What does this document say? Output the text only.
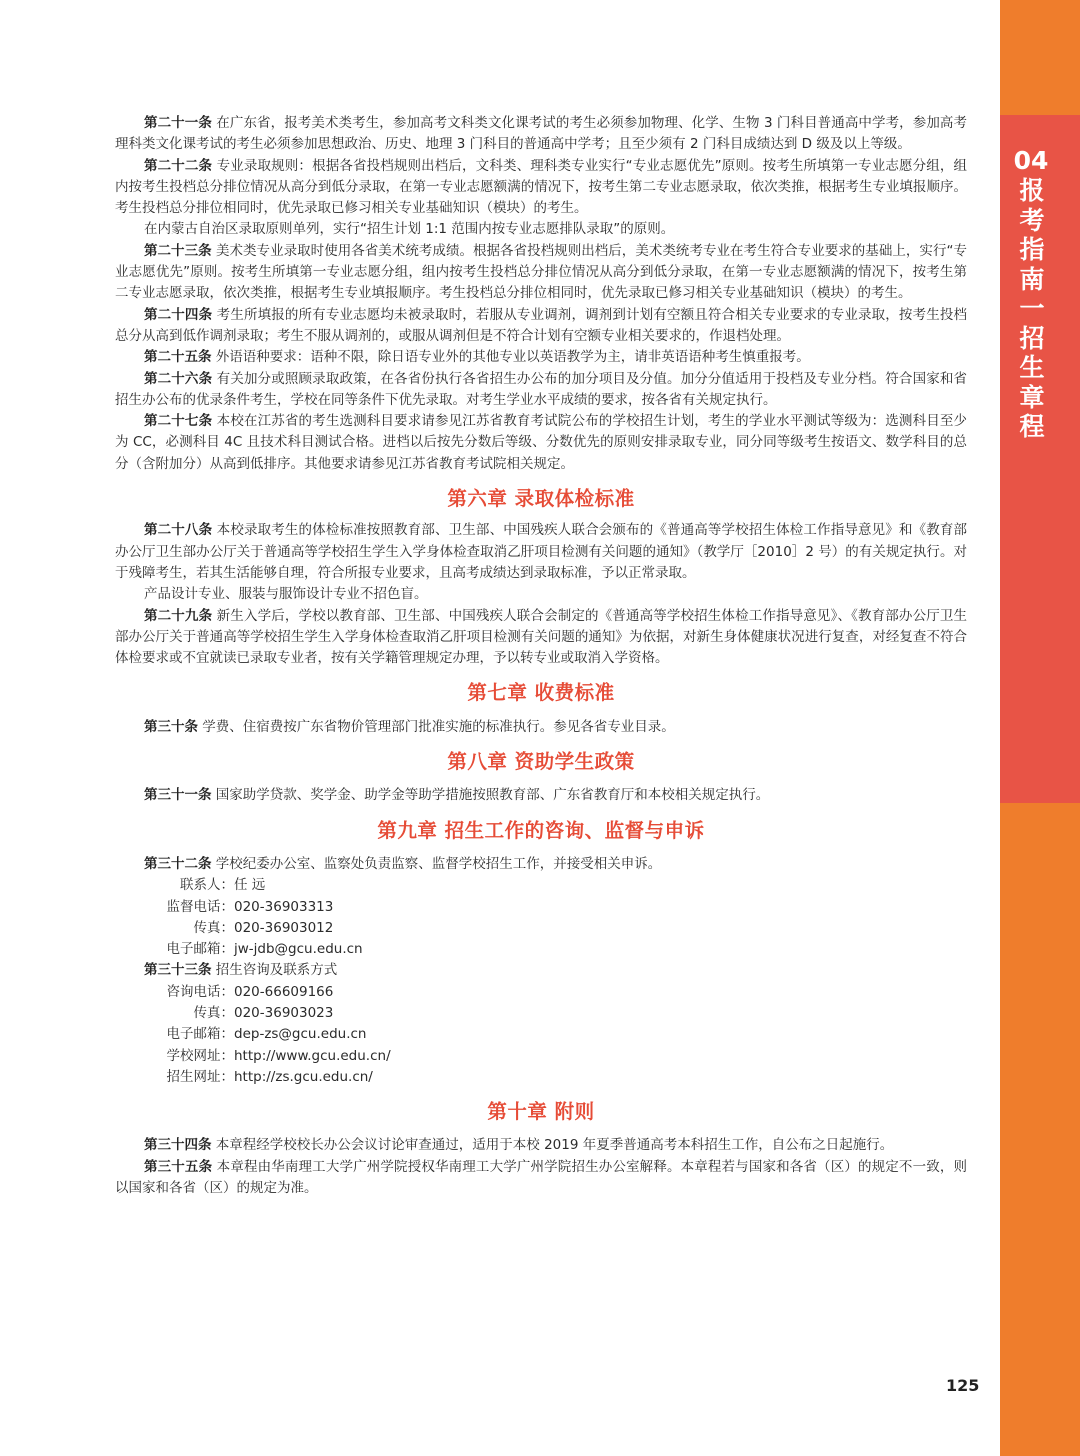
04
报考指南一招生章程

第二十一条 在广东省，报考美术类考生，参加高考文科类文化课考试的考生必须参加物理、化学、生物 3 门科目普通高中学考，参加高考理科类文化课考试的考生必须参加思想政治、历史、地理 3 门科目的普通高中学考；且至少须有 2 门科目成绩达到 D 级及以上等级。

第二十二条 专业录取规则：根据各省投档规则出档后，文科类、理科类专业实行“专业志愿优先”原则。按考生所填第一专业志愿分组，组内按考生投档总分排位情况从高分到低分录取，在第一专业志愿额满的情况下，按考生第二专业志愿录取，依次类推，根据考生专业填报顺序。考生投档总分排位相同时，优先录取已修习相关专业基础知识（模块）的考生。

在内蒙古自治区录取原则单列，实行“招生计划 1:1 范围内按专业志愿排队录取”的原则。

第二十三条 美术类专业录取时使用各省美术统考成绩。根据各省投档规则出档后，美术类统考专业在考生符合专业要求的基础上，实行“专业志愿优先”原则。按考生所填第一专业志愿分组，组内按考生投档总分排位情况从高分到低分录取，在第一专业志愿额满的情况下，按考生第二专业志愿录取，依次类推，根据考生专业填报顺序。考生投档总分排位相同时，优先录取已修习相关专业基础知识（模块）的考生。

第二十四条 考生所填报的所有专业志愿均未被录取时，若服从专业调剂，调剂到计划有空额且符合相关专业要求的专业录取，按考生投档总分从高到低作调剂录取；考生不服从调剂的，或服从调剂但是不符合计划有空额专业相关要求的，作退档处理。

第二十五条 外语语种要求：语种不限，除日语专业外的其他专业以英语教学为主，请非英语语种考生慎重报考。

第二十六条 有关加分或照顾录取政策，在各省份执行各省招生办公布的加分项目及分值。加分分值适用于投档及专业分档。符合国家和省招生办公布的优录条件考生，学校在同等条件下优先录取。对考生学业水平成绩的要求，按各省有关规定执行。

第二十七条 本校在江苏省的考生选测科目要求请参见江苏省教育考试院公布的学校招生计划，考生的学业水平测试等级为：选测科目至少为 CC，必测科目 4C 且技术科目测试合格。进档以后按先分数后等级、分数优先的原则安排录取专业，同分同等级考生按语文、数学科目的总分（含附加分）从高到低排序。其他要求请参见江苏省教育考试院相关规定。

第六章 录取体检标准

第二十八条 本校录取考生的体检标准按照教育部、卫生部、中国残疾人联合会颁布的《普通高等学校招生体检工作指导意见》和《教育部办公厅卫生部办公厅关于普通高等学校招生学生入学身体检查取消乙肝项目检测有关问题的通知》（教学厅［2010］2 号）的有关规定执行。对于残障考生，若其生活能够自理，符合所报专业要求，且高考成绩达到录取标准，予以正常录取。

产品设计专业、服装与服饰设计专业不招色盲。

第二十九条 新生入学后，学校以教育部、卫生部、中国残疾人联合会制定的《普通高等学校招生体检工作指导意见》、《教育部办公厅卫生部办公厅关于普通高等学校招生学生入学身体检查取消乙肝项目检测有关问题的通知》为依据，对新生身体健康状况进行复查，对经复查不符合体检要求或不宜就读已录取专业者，按有关学籍管理规定办理，予以转专业或取消入学资格。

第七章 收费标准

第三十条 学费、住宿费按广东省物价管理部门批准实施的标准执行。参见各省专业目录。

第八章 资助学生政策

第三十一条 国家助学贷款、奖学金、助学金等助学措施按照教育部、广东省教育厅和本校相关规定执行。

第九章 招生工作的咨询、监督与申诉

第三十二条 学校纪委办公室、监察处负责监察、监督学校招生工作，并接受相关申诉。

联系人：任 远

监督电话：020-36903313

传真：020-36903012

电子邮箱：jw-jdb@gcu.edu.cn

第三十三条 招生咨询及联系方式

咨询电话：020-66609166

传真：020-36903023

电子邮箱：dep-zs@gcu.edu.cn

学校网址：http://www.gcu.edu.cn/

招生网址：http://zs.gcu.edu.cn/

第十章 附则

第三十四条 本章程经学校校长办公会议讨论审查通过，适用于本校 2019 年夏季普通高考本科招生工作，自公布之日起施行。

第三十五条 本章程由华南理工大学广州学院授权华南理工大学广州学院招生办公室解释。本章程若与国家和各省（区）的规定不一致，则以国家和各省（区）的规定为准。

125
